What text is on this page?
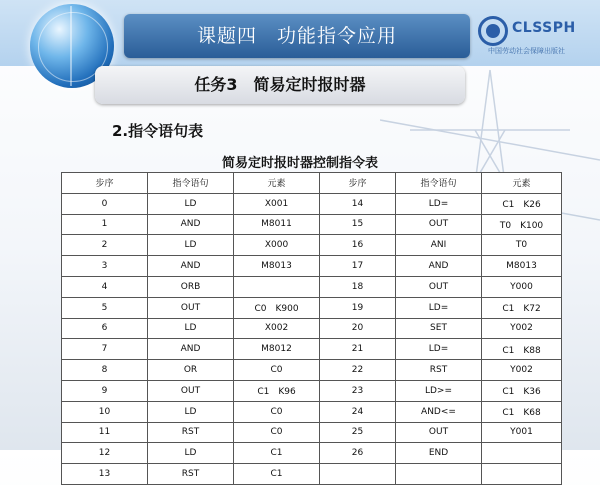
课题四　功能指令应用	CLSSPH
中国劳动社会保障出版社
任务3　简易定时报时器
2.指令语句表
简易定时报时器控制指令表
步序	指令语句	元素	步序	指令语句	元素
0	LD	X001	14	LD=	C1　K26
1	AND	M8011	15	OUT	T0　K100
2	LD	X000	16	ANI	T0
3	AND	M8013	17	AND	M8013
4	ORB		18	OUT	Y000
5	OUT	C0　K900	19	LD=	C1　K72
6	LD	X002	20	SET	Y002
7	AND	M8012	21	LD=	C1　K88
8	OR	C0	22	RST	Y002
9	OUT	C1　K96	23	LD>=	C1　K36
10	LD	C0	24	AND<=	C1　K68
11	RST	C0	25	OUT	Y001
12	LD	C1	26	END	
13	RST	C1			
